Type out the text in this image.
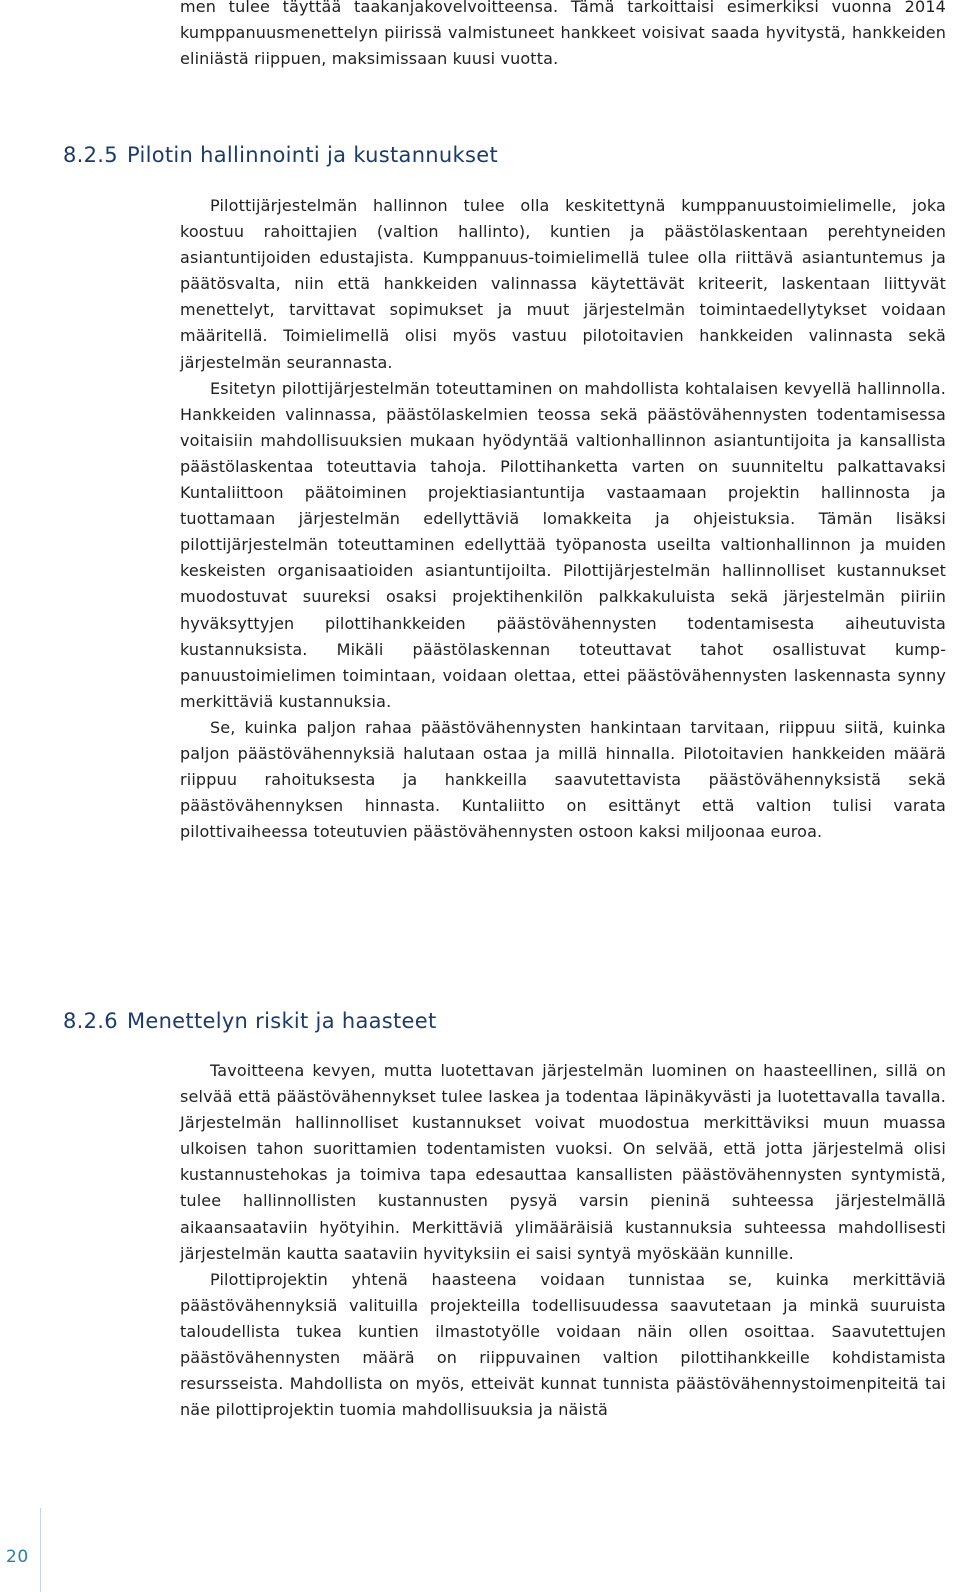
men tulee täyttää taakanjakovelvoitteensa. Tämä tarkoittaisi esimerkiksi vuonna 2014 kumppanuusmenettelyn piirissä valmistuneet hankkeet voisivat saada hyvitystä, hankkeiden eliniästä riippuen, maksimissaan kuusi vuotta.

8.2.5 Pilotin hallinnointi ja kustannukset

Pilottijärjestelmän hallinnon tulee olla keskitettynä kumppanuustoimielimelle, joka koostuu rahoittajien (valtion hallinto), kuntien ja päästölaskentaan perehtyneiden asiantuntijoiden edustajista. Kumppanuus-toimielimellä tulee olla riittävä asiantuntemus ja päätösvalta, niin että hankkeiden valinnassa käytettävät kriteerit, laskentaan liittyvät menettelyt, tarvittavat sopimukset ja muut järjestelmän toimintaedellytykset voidaan määritellä. Toimielimellä olisi myös vastuu pilotoitavien hankkeiden valinnasta sekä järjestelmän seurannasta.

Esitetyn pilottijärjestelmän toteuttaminen on mahdollista kohtalaisen kevyellä hallinnolla. Hankkeiden valinnassa, päästölaskelmien teossa sekä päästövähennysten todentamisessa voitaisiin mahdollisuuksien mukaan hyödyntää valtionhallinnon asiantuntijoita ja kansallista päästölaskentaa toteuttavia tahoja. Pilottihanketta varten on suunniteltu palkattavaksi Kuntaliittoon päätoiminen projektiasiantuntija vastaamaan projektin hallinnosta ja tuottamaan järjestelmän edellyttäviä lomakkeita ja ohjeistuksia. Tämän lisäksi pilottijärjestelmän toteuttaminen edellyttää työpanosta useilta valtionhallinnon ja muiden keskeisten organisaatioiden asiantuntijoilta. Pilottijärjestelmän hallinnolliset kustannukset muodostuvat suureksi osaksi projektihenkilön palkkakuluista sekä järjestelmän piiriin hyväksyttyjen pilottihankkeiden päästövähennysten todentamisesta aiheutuvista kustannuksista. Mikäli päästölaskennan toteuttavat tahot osallistuvat kumppanuustoimielimen toimintaan, voidaan olettaa, ettei päästövähennysten laskennasta synny merkittäviä kustannuksia.

Se, kuinka paljon rahaa päästövähennysten hankintaan tarvitaan, riippuu siitä, kuinka paljon päästövähennyksiä halutaan ostaa ja millä hinnalla. Pilotoitavien hankkeiden määrä riippuu rahoituksesta ja hankkeilla saavutettavista päästövähennyksistä sekä päästövähennyksen hinnasta. Kuntaliitto on esittänyt että valtion tulisi varata pilottivaiheessa toteutuvien päästövähennysten ostoon kaksi miljoonaa euroa.

8.2.6 Menettelyn riskit ja haasteet

Tavoitteena kevyen, mutta luotettavan järjestelmän luominen on haasteellinen, sillä on selvää että päästövähennykset tulee laskea ja todentaa läpinäkyvästi ja luotettavalla tavalla. Järjestelmän hallinnolliset kustannukset voivat muodostua merkittäviksi muun muassa ulkoisen tahon suorittamien todentamisten vuoksi. On selvää, että jotta järjestelmä olisi kustannustehokas ja toimiva tapa edesauttaa kansallisten päästövähennysten syntymistä, tulee hallinnollisten kustannusten pysyä varsin pieninä suhteessa järjestelmällä aikaansaataviin hyötyihin. Merkittäviä ylimääräisiä kustannuksia suhteessa mahdollisesti järjestelmän kautta saataviin hyvityksiin ei saisi syntyä myöskään kunnille.

Pilottiprojektin yhtenä haasteena voidaan tunnistaa se, kuinka merkittäviä päästövähennyksiä valituilla projekteilla todellisuudessa saavutetaan ja minkä suuruista taloudellista tukea kuntien ilmastotyölle voidaan näin ollen osoittaa. Saavutettujen päästövähennysten määrä on riippuvainen valtion pilottihankkeille kohdistamista resursseista. Mahdollista on myös, etteivät kunnat tunnista päästövähennystoimenpiteitä tai näe pilottiprojektin tuomia mahdollisuuksia ja näistä

20
